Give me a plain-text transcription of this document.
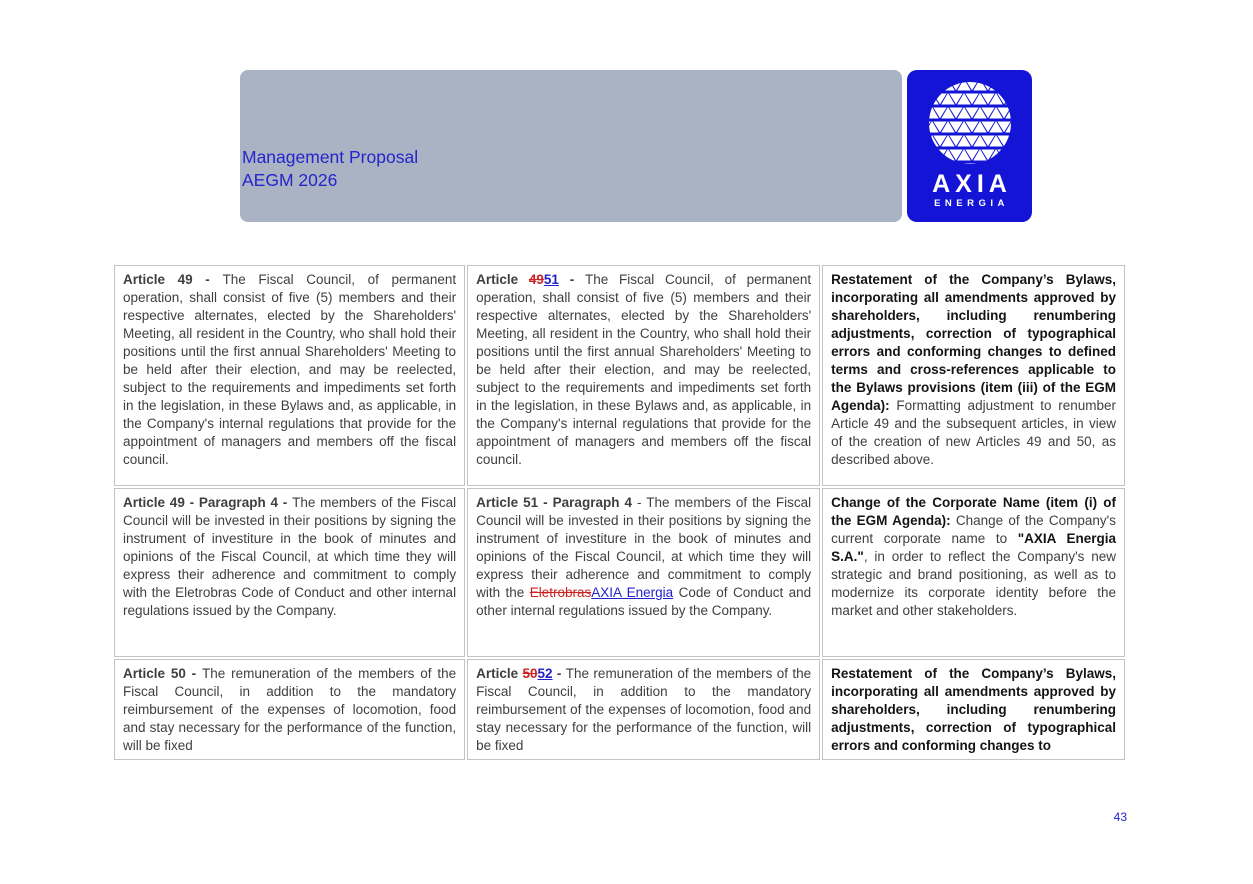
Management Proposal
AEGM 2026	AXIA
ENERGIA
Article 49 - The Fiscal Council, of permanent operation, shall consist of five (5) members and their respective alternates, elected by the Shareholders' Meeting, all resident in the Country, who shall hold their positions until the first annual Shareholders' Meeting to be held after their election, and may be reelected, subject to the requirements and impediments set forth in the legislation, in these Bylaws and, as applicable, in the Company's internal regulations that provide for the appointment of managers and members off the fiscal council.	Article 4951 - The Fiscal Council, of permanent operation, shall consist of five (5) members and their respective alternates, elected by the Shareholders' Meeting, all resident in the Country, who shall hold their positions until the first annual Shareholders' Meeting to be held after their election, and may be reelected, subject to the requirements and impediments set forth in the legislation, in these Bylaws and, as applicable, in the Company's internal regulations that provide for the appointment of managers and members off the fiscal council.	Restatement of the Company’s Bylaws, incorporating all amendments approved by shareholders, including renumbering adjustments, correction of typographical errors and conforming changes to defined terms and cross-references applicable to the Bylaws provisions (item (iii) of the EGM Agenda): Formatting adjustment to renumber Article 49 and the subsequent articles, in view of the creation of new Articles 49 and 50, as described above.
Article 49 - Paragraph 4 - The members of the Fiscal Council will be invested in their positions by signing the instrument of investiture in the book of minutes and opinions of the Fiscal Council, at which time they will express their adherence and commitment to comply with the Eletrobras Code of Conduct and other internal regulations issued by the Company.	Article 51 - Paragraph 4 - The members of the Fiscal Council will be invested in their positions by signing the instrument of investiture in the book of minutes and opinions of the Fiscal Council, at which time they will express their adherence and commitment to comply with the EletrobrasAXIA Energia Code of Conduct and other internal regulations issued by the Company.	Change of the Corporate Name (item (i) of the EGM Agenda): Change of the Company's current corporate name to "AXIA Energia S.A.", in order to reflect the Company's new strategic and brand positioning, as well as to modernize its corporate identity before the market and other stakeholders.
Article 50 - The remuneration of the members of the Fiscal Council, in addition to the mandatory reimbursement of the expenses of locomotion, food and stay necessary for the performance of the function, will be fixed	Article 5052 - The remuneration of the members of the Fiscal Council, in addition to the mandatory reimbursement of the expenses of locomotion, food and stay necessary for the performance of the function, will be fixed	Restatement of the Company’s Bylaws, incorporating all amendments approved by shareholders, including renumbering adjustments, correction of typographical errors and conforming changes to
43
